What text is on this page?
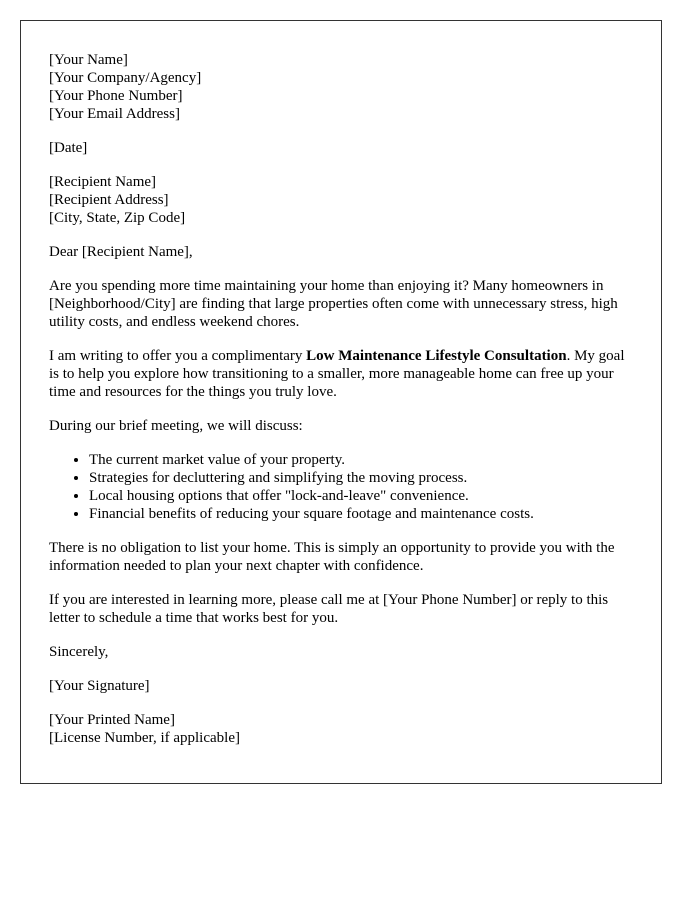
[Your Name]
[Your Company/Agency]
[Your Phone Number]
[Your Email Address]

[Date]

[Recipient Name]
[Recipient Address]
[City, State, Zip Code]

Dear [Recipient Name],

Are you spending more time maintaining your home than enjoying it? Many homeowners in [Neighborhood/City] are finding that large properties often come with unnecessary stress, high utility costs, and endless weekend chores.

I am writing to offer you a complimentary Low Maintenance Lifestyle Consultation. My goal is to help you explore how transitioning to a smaller, more manageable home can free up your time and resources for the things you truly love.

During our brief meeting, we will discuss:

• The current market value of your property.
• Strategies for decluttering and simplifying the moving process.
• Local housing options that offer "lock-and-leave" convenience.
• Financial benefits of reducing your square footage and maintenance costs.

There is no obligation to list your home. This is simply an opportunity to provide you with the information needed to plan your next chapter with confidence.

If you are interested in learning more, please call me at [Your Phone Number] or reply to this letter to schedule a time that works best for you.

Sincerely,

[Your Signature]

[Your Printed Name]
[License Number, if applicable]
